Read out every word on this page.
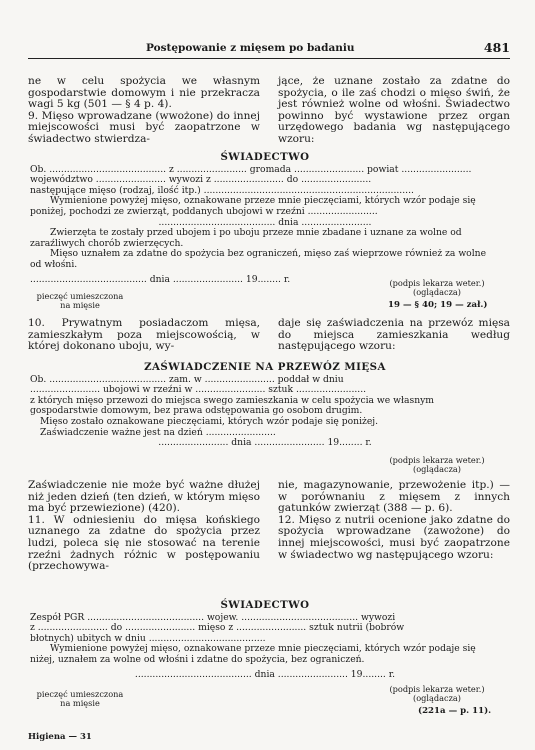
Postępowanie z mięsem po badaniu	481
ne w celu spożycia we własnym gospodarstwie domowym i nie przekracza wagi 5 kg (501 — § 4 p. 4).
9. Mięso wprowadzane (wwożone) do innej miejscowości musi być zaopatrzone w świadectwo stwierdza-
jące, że uznane zostało za zdatne do spożycia, o ile zaś chodzi o mięso świń, że jest również wolne od włośni. Świadectwo powinno być wystawione przez organ urzędowego badania wg następującego wzoru:
ŚWIADECTWO

Ob. ........................................ z ........................ gromada ........................ powiat ........................

województwo ........................ wywozi z ........................ do ........................

następujące mięso (rodzaj, ilość itp.) ........................................................................

Wymienione powyżej mięso, oznakowane przeze mnie pieczęciami, których wzór podaje się poniżej, pochodzi ze zwierząt, poddanych ubojowi w rzeźni ........................

........................................ dnia ........................

Zwierzęta te zostały przed ubojem i po uboju przeze mnie zbadane i uznane za wolne od zaraźliwych chorób zwierzęcych.

Mięso uznałem za zdatne do spożycia bez ograniczeń, mięso zaś wieprzowe również za wolne od włośni.

........................................ dnia ........................ 19........ r.	(podpis lekarza weter.)
(oglądacza)
pieczęć umieszczona
na mięsie	19 — § 40; 19 — zał.)
10. Prywatnym posiadaczom mięsa, zamieszkałym poza miejscowością, w której dokonano uboju, wy-
daje się zaświadczenia na przewóz mięsa do miejsca zamieszkania według następującego wzoru:
ZAŚWIADCZENIE NA PRZEWÓZ MIĘSA

Ob. ........................................ zam. w ........................ poddał w dniu

........................ ubojowi w rzeźni w ........................ sztuk ........................

z których mięso przewozi do miejsca swego zamieszkania w celu spożycia we własnym gospodarstwie domowym, bez prawa odstępowania go osobom drugim.

Mięso zostało oznakowane pieczęciami, których wzór podaje się poniżej.

Zaświadczenie ważne jest na dzień ........................

........................ dnia ........................ 19........ r.

(podpis lekarza weter.)
(oglądacza)
Zaświadczenie nie może być ważne dłużej niż jeden dzień (ten dzień, w którym mięso ma być przewiezione) (420).
11. W odniesieniu do mięsa końskiego uznanego za zdatne do spożycia przez ludzi, poleca się nie stosować na terenie rzeźni żadnych różnic w postępowaniu (przechowywa-
nie, magazynowanie, przewożenie itp.) — w porównaniu z mięsem z innych gatunków zwierząt (388 — p. 6).
12. Mięso z nutrii ocenione jako zdatne do spożycia wprowadzane (zawożone) do innej miejscowości, musi być zaopatrzone w świadectwo wg następującego wzoru:
ŚWIADECTWO

Zespół PGR ........................................ wojew. ........................................ wywozi

z ........................ do ........................ mięso z ........................ sztuk nutrii (bobrów

błotnych) ubitych w dniu ........................................

Wymienione powyżej mięso, oznakowane przeze mnie pieczęciami, których wzór podaje się niżej, uznałem za wolne od włośni i zdatne do spożycia, bez ograniczeń.

........................................ dnia ........................ 19........ r.

(podpis lekarza weter.)
(oglądacza)
pieczęć umieszczona
na mięsie
(221a — p. 11).
Higiena — 31
